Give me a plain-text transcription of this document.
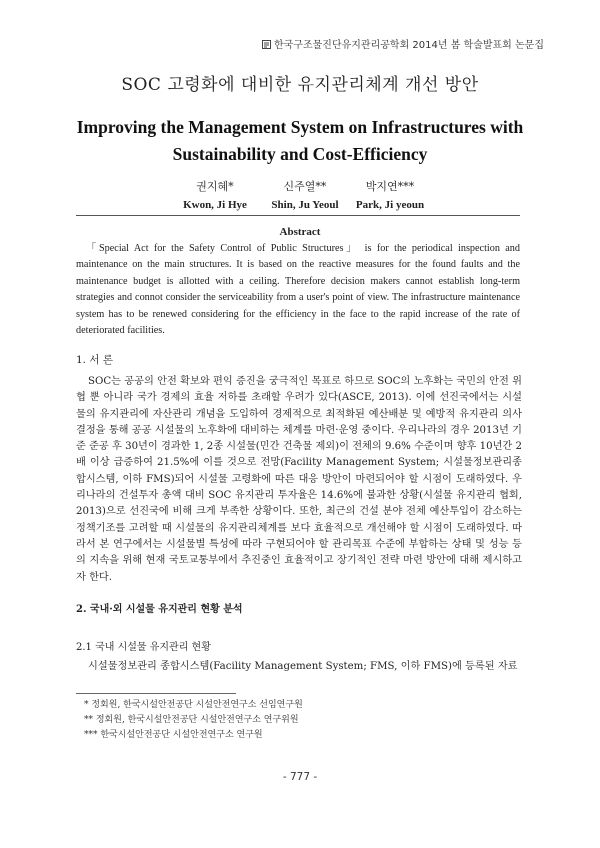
한국구조물진단유지관리공학회 2014년 봄 학술발표회 논문집
SOC 고령화에 대비한 유지관리체계 개선 방안
Improving the Management System on Infrastructures with
Sustainability and Cost-Efficiency
권지혜*
Kwon, Ji Hye
신주열**
Shin, Ju Yeoul
박지연***
Park, Ji yeoun
Abstract
「Special Act for the Safety Control of Public Structures」 is for the periodical inspection and maintenance on the main structures. It is based on the reactive measures for the found faults and the maintenance budget is allotted with a ceiling. Therefore decision makers cannot establish long-term strategies and connot consider the serviceability from a user's point of view. The infrastructure maintenance system has to be renewed considering for the efficiency in the face to the rapid increase of the rate of deteriorated facilities.
1. 서 론
SOC는 공공의 안전 확보와 편익 증진을 궁극적인 목표로 하므로 SOC의 노후화는 국민의 안전 위협 뿐 아니라 국가 경제의 효율 저하를 초래할 우려가 있다(ASCE, 2013). 이에 선진국에서는 시설물의 유지관리에 자산관리 개념을 도입하여 경제적으로 최적화된 예산배분 및 예방적 유지관리 의사결정을 통해 공공 시설물의 노후화에 대비하는 체계를 마련·운영 중이다. 우리나라의 경우 2013년 기준 준공 후 30년이 경과한 1, 2종 시설물(민간 건축물 제외)이 전체의 9.6% 수준이며 향후 10년간 2배 이상 급증하여 21.5%에 이를 것으로 전망(Facility Management System; 시설물정보관리종합시스템, 이하 FMS)되어 시설물 고령화에 따른 대응 방안이 마련되어야 할 시점이 도래하였다. 우리나라의 건설투자 총액 대비 SOC 유지관리 투자율은 14.6%에 불과한 상황(시설물 유지관리 협회, 2013)으로 선진국에 비해 크게 부족한 상황이다. 또한, 최근의 건설 분야 전체 예산투입이 감소하는 정책기조를 고려할 때 시설물의 유지관리체계를 보다 효율적으로 개선해야 할 시점이 도래하였다. 따라서 본 연구에서는 시설물별 특성에 따라 구현되어야 할 관리목표 수준에 부합하는 상태 및 성능 등의 지속을 위해 현재 국토교통부에서 추진중인 효율적이고 장기적인 전략 마련 방안에 대해 제시하고자 한다.
2. 국내·외 시설물 유지관리 현황 분석
2.1 국내 시설물 유지관리 현황
시설물정보관리 종합시스템(Facility Management System; FMS, 이하 FMS)에 등록된 자료
* 정회원, 한국시설안전공단 시설안전연구소 선임연구원
** 정회원, 한국시설안전공단 시설안전연구소 연구위원
*** 한국시설안전공단 시설안전연구소 연구원
- 777 -
